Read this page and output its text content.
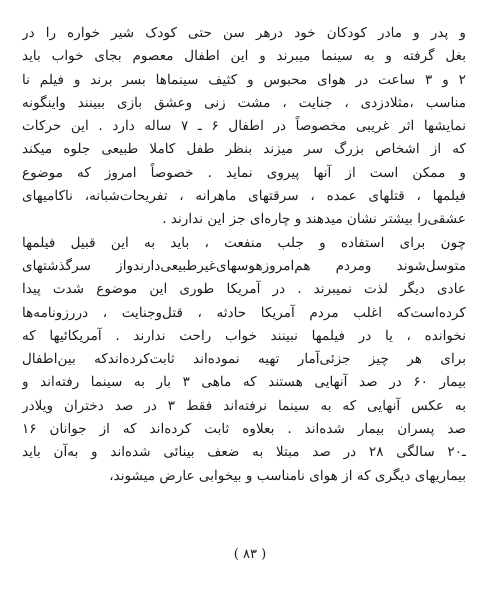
و پدر و مادر کودکان خود درهر سن حتی کودک شیر خواره را در
بغل گرفته و به سینما میبرند و این اطفال معصوم بجای خواب باید
۲ و ۳ ساعت در هوای محبوس و کثیف سینماها بسر برند و فیلم نا
مناسب ،مثلادزدی ، جنایت ، مشت زنی وعشق بازی ببینند واینگونه
نمایشها اثر غریبی مخصوصاً در اطفال ۶ ـ ۷ ساله دارد . این حرکات
که از اشخاص بزرگ سر میزند بنظر طفل کاملا طبیعی جلوه میکند
و ممکن است از آنها پیروی نماید . خصوصاً امروز که موضوع
فیلمها ، قتلهای عمده ، سرقتهای ماهرانه ، تفریحات‌شبانه، ناکامیهای
عشقی‌را بیشتر نشان میدهند و چاره‌ای جز این ندارند .
چون برای استفاده و جلب منفعت ، باید به این قبیل فیلمها
متوسل‌شوند ومردم هم‌امروزهوسهای‌غیرطبیعی‌دارندواز سرگذشتهای
عادی دیگر لذت نمیبرند . در آمریکا طوری این موضوع شدت پیدا
کرده‌است‌که اغلب مردم آمریکا حادثه ، قتل‌وجنایت ، دررزو‌نامه‌ها
نخوانده ، یا در فیلمها نبینند خواب راحت ندارند . آمریکائیها که
برای هر چیز جزئی‌آمار تهیه نموده‌اند ثابت‌کرده‌اندکه بین‌اطفال
بیمار ۶۰ در صد آنهایی هستند که ماهی ۳ بار به سینما رفته‌اند و
به عکس آنهایی که به سینما نرفته‌اند فقط ۳ در صد دختران ویلادر
صد پسران بیمار شده‌اند . بعلاوه ثابت کرده‌اند که از جوانان ۱۶
ـ۲۰ سالگی ۲۸ در صد مبتلا به ضعف بینائی شده‌اند و به‌آن باید
بیماریهای دیگری که از هوای نامناسب و بیخوابی عارض میشوند،
( ۸۳ )
